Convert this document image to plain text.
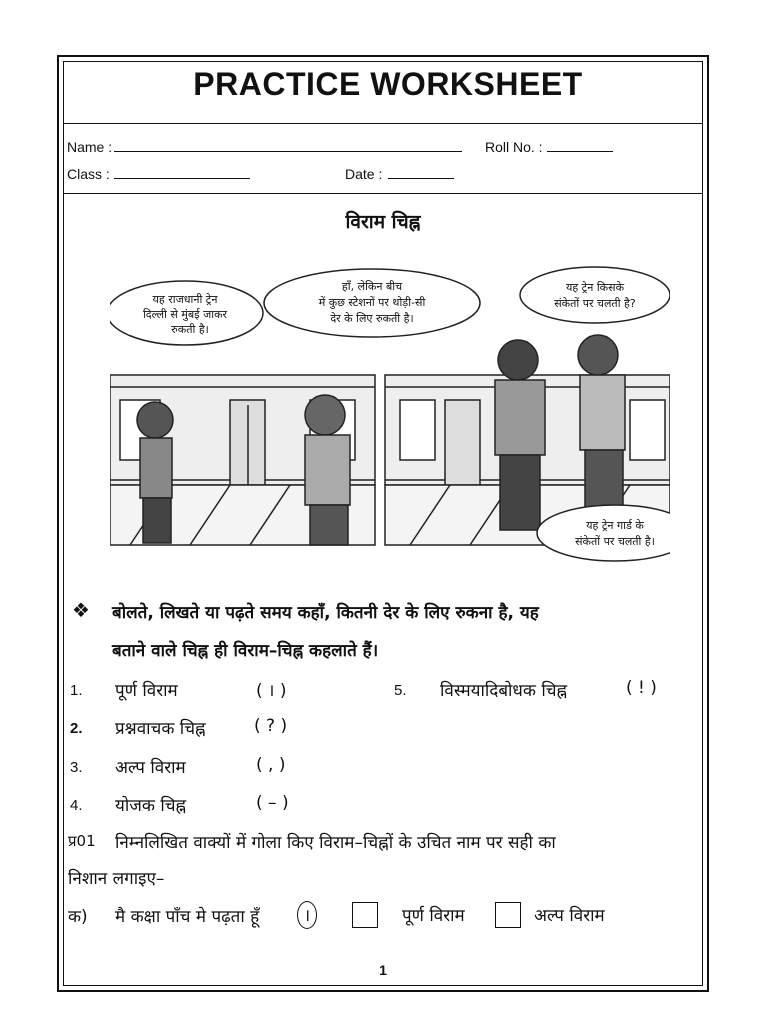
PRACTICE WORKSHEET
Name :	Roll No. :
Class :	Date :
विराम चिह्न
यह राजधानी ट्रेन
दिल्ली से मुंबई जाकर
रुकती है।
हाँ, लेकिन बीच
में कुछ स्टेशनों पर थोड़ी-सी
देर के लिए रुकती है।
यह ट्रेन किसके
संकेतों पर चलती है?
यह ट्रेन गार्ड के
संकेतों पर चलती है।
❖ बोलते, लिखते या पढ़ते समय कहाँ, कितनी देर के लिए रुकना है, यह
बताने वाले चिह्न ही विराम–चिह्न कहलाते हैं।
1. पूर्ण विराम	( । )	5. विस्मयादिबोधक चिह्न	( ! )
2. प्रश्नवाचक चिह्न	( ? )
3. अल्प विराम	( , )
4. योजक चिह्न	( – )
प्र01 निम्नलिखित वाक्यों में गोला किए विराम–चिह्नों के उचित नाम पर सही का
निशान लगाइए–
क) मै कक्षा पाँच मे पढ़ता हूँ	।	पूर्ण विराम	अल्प विराम
1
